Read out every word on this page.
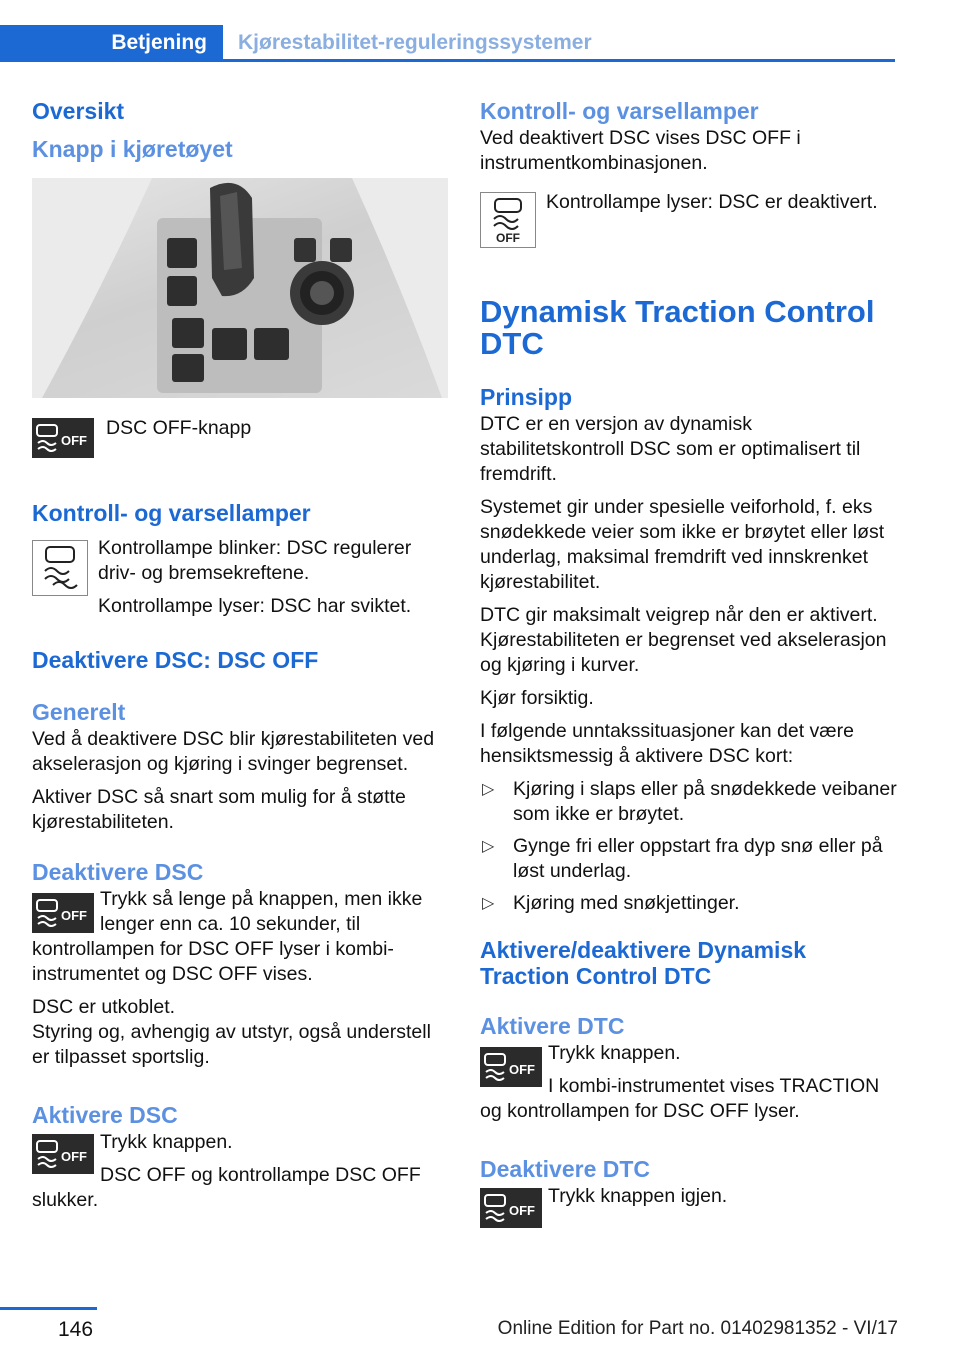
Betjening	Kjørestabilitet-reguleringssystemer
Oversikt
Knapp i kjøretøyet
OFF

DSC OFF-knapp

Kontroll- og varsellamper

Kontrollampe blinker: DSC regulerer driv- og bremsekreftene.

Kontrollampe lyser: DSC har sviktet.

Deaktivere DSC: DSC OFF
Generelt

Ved å deaktivere DSC blir kjørestabiliteten ved akselerasjon og kjøring i svinger begrenset.

Aktiver DSC så snart som mulig for å støtte kjørestabiliteten.

Deaktivere DSC
OFF

Trykk så lenge på knappen, men ikke lenger enn ca. 10 sekunder, til kontrollampen for DSC OFF lyser i kombi-instrumentet og DSC OFF vises.

DSC er utkoblet.

Styring og, avhengig av utstyr, også understell er tilpasset sportslig.

Aktivere DSC
OFF

Trykk knappen.

DSC OFF og kontrollampe DSC OFF slukker.

Kontroll- og varsellamper

Ved deaktivert DSC vises DSC OFF i instrumentkombinasjonen.

OFF

Kontrollampe lyser: DSC er deaktivert.

Dynamisk Traction Control DTC
Prinsipp

DTC er en versjon av dynamisk stabilitetskontroll DSC som er optimalisert til fremdrift.

Systemet gir under spesielle veiforhold, f. eks snødekkede veier som ikke er brøytet eller løst underlag, maksimal fremdrift ved innskrenket kjørestabilitet.

DTC gir maksimalt veigrep når den er aktivert. Kjørestabiliteten er begrenset ved akselerasjon og kjøring i kurver.

Kjør forsiktig.

I følgende unntakssituasjoner kan det være hensiktsmessig å aktivere DSC kort:

▷ Kjøring i slaps eller på snødekkede veibaner som ikke er brøytet.
▷ Gynge fri eller oppstart fra dyp snø eller på løst underlag.
▷ Kjøring med snøkjettinger.
Aktivere/deaktivere Dynamisk Traction Control DTC
Aktivere DTC
OFF

Trykk knappen.

I kombi-instrumentet vises TRACTION og kontrollampen for DSC OFF lyser.

Deaktivere DTC
OFF

Trykk knappen igjen.

146	Online Edition for Part no. 01402981352 - VI/17
